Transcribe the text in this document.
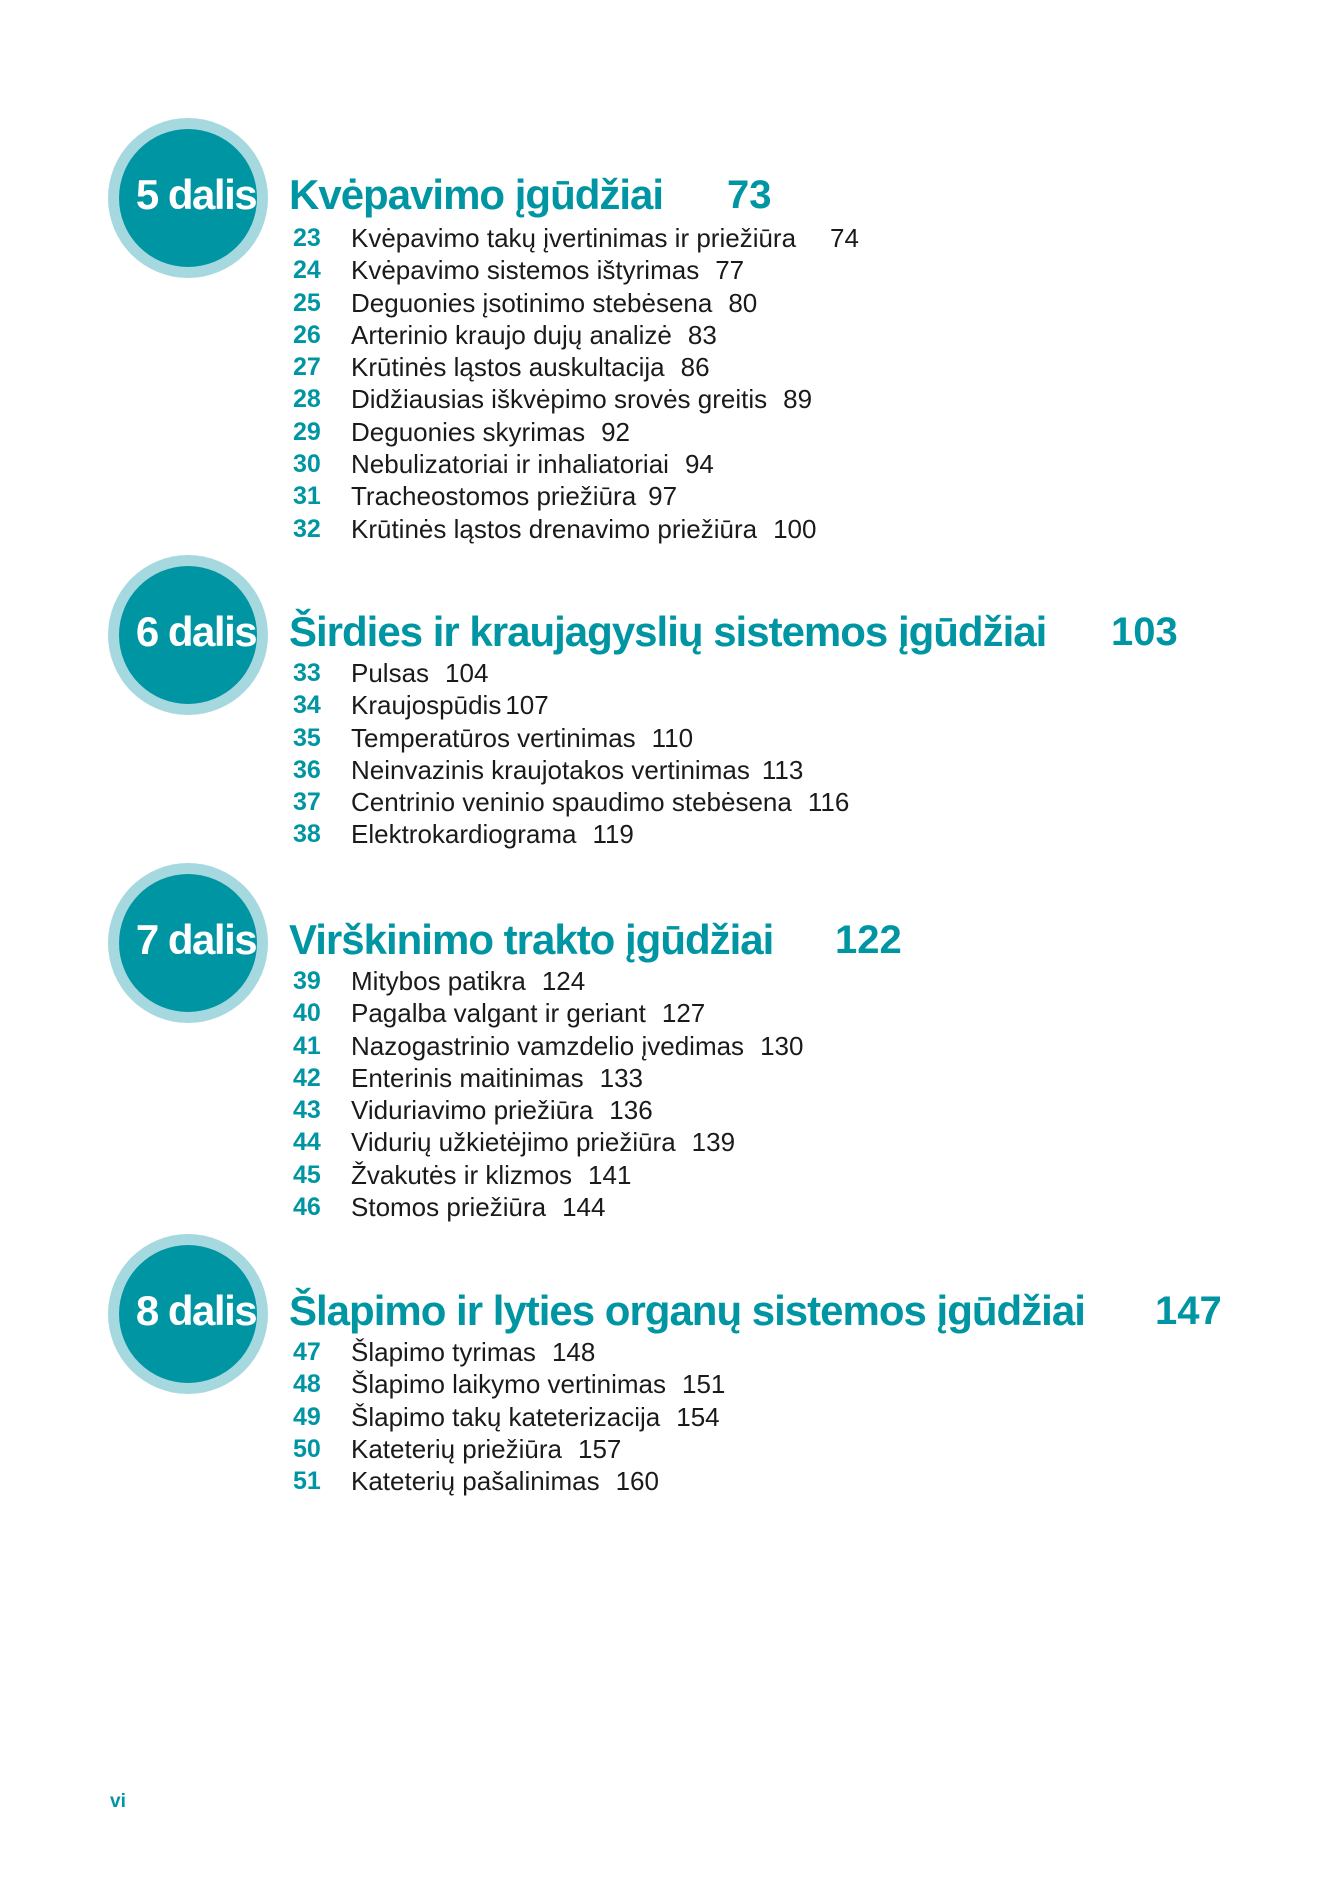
5 dalis Kvėpavimo įgūdžiai 73
23 Kvėpavimo takų įvertinimas ir priežiūra 74
24 Kvėpavimo sistemos ištyrimas 77
25 Deguonies įsotinimo stebėsena 80
26 Arterinio kraujo dujų analizė 83
27 Krūtinės ląstos auskultacija 86
28 Didžiausias iškvėpimo srovės greitis 89
29 Deguonies skyrimas 92
30 Nebulizatoriai ir inhaliatoriai 94
31 Tracheostomos priežiūra 97
32 Krūtinės ląstos drenavimo priežiūra 100
6 dalis Širdies ir kraujagyslių sistemos įgūdžiai 103
33 Pulsas 104
34 Kraujospūdis 107
35 Temperatūros vertinimas 110
36 Neinvazinis kraujotakos vertinimas 113
37 Centrinio veninio spaudimo stebėsena 116
38 Elektrokardiograma 119
7 dalis Virškinimo trakto įgūdžiai 122
39 Mitybos patikra 124
40 Pagalba valgant ir geriant 127
41 Nazogastrinio vamzdelio įvedimas 130
42 Enterinis maitinimas 133
43 Viduriavimo priežiūra 136
44 Vidurių užkietėjimo priežiūra 139
45 Žvakutės ir klizmos 141
46 Stomos priežiūra 144
8 dalis Šlapimo ir lyties organų sistemos įgūdžiai 147
47 Šlapimo tyrimas 148
48 Šlapimo laikymo vertinimas 151
49 Šlapimo takų kateterizacija 154
50 Kateterių priežiūra 157
51 Kateterių pašalinimas 160
vi
